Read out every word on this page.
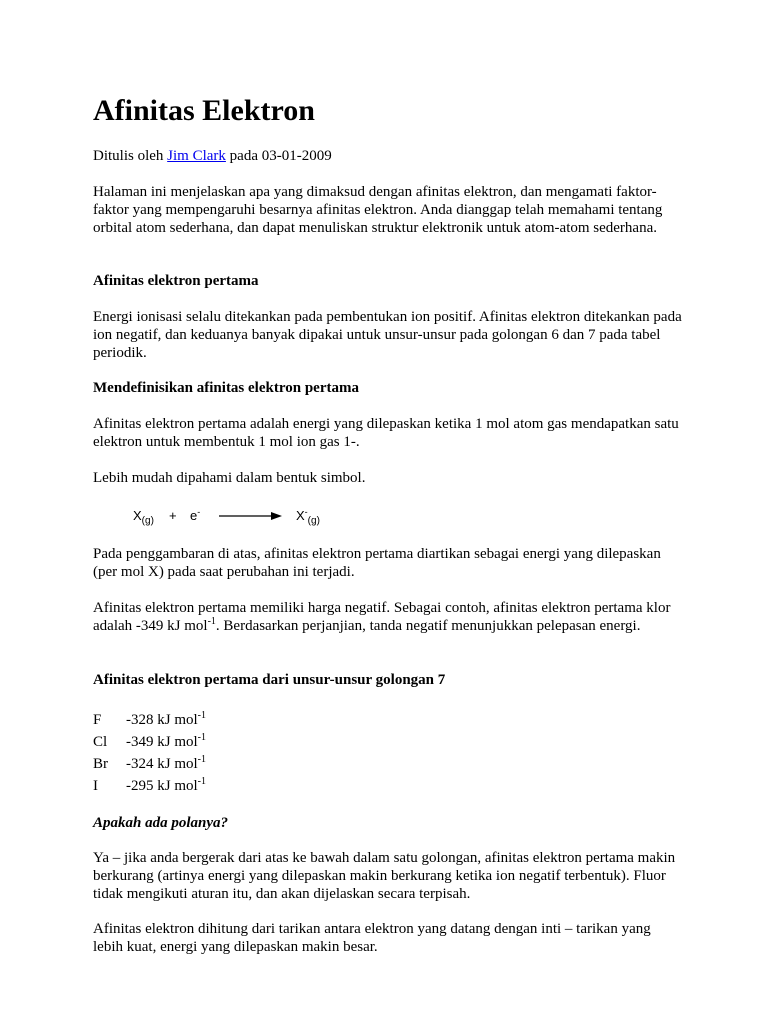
Afinitas Elektron
Ditulis oleh Jim Clark pada 03-01-2009
Halaman ini menjelaskan apa yang dimaksud dengan afinitas elektron, dan mengamati faktor-faktor yang mempengaruhi besarnya afinitas elektron. Anda dianggap telah memahami tentang orbital atom sederhana, dan dapat menuliskan struktur elektronik untuk atom-atom sederhana.
Afinitas elektron pertama
Energi ionisasi selalu ditekankan pada pembentukan ion positif. Afinitas elektron ditekankan pada ion negatif, dan keduanya banyak dipakai untuk unsur-unsur pada golongan 6 dan 7 pada tabel periodik.
Mendefinisikan afinitas elektron pertama
Afinitas elektron pertama adalah energi yang dilepaskan ketika 1 mol atom gas mendapatkan satu elektron untuk membentuk 1 mol ion gas 1-.
Lebih mudah dipahami dalam bentuk simbol.
$X_{(g)} + e^-$	$X^-_{(g)}$
Pada penggambaran di atas, afinitas elektron pertama diartikan sebagai energi yang dilepaskan (per mol X) pada saat perubahan ini terjadi.
Afinitas elektron pertama memiliki harga negatif. Sebagai contoh, afinitas elektron pertama klor adalah -349 kJ mol$^{-1}$. Berdasarkan perjanjian, tanda negatif menunjukkan pelepasan energi.
Afinitas elektron pertama dari unsur-unsur golongan 7
F -328 kJ mol$^{-1}$
Cl -349 kJ mol$^{-1}$
Br -324 kJ mol$^{-1}$
I -295 kJ mol$^{-1}$
Apakah ada polanya?
Ya – jika anda bergerak dari atas ke bawah dalam satu golongan, afinitas elektron pertama makin berkurang (artinya energi yang dilepaskan makin berkurang ketika ion negatif terbentuk). Fluor tidak mengikuti aturan itu, dan akan dijelaskan secara terpisah.
Afinitas elektron dihitung dari tarikan antara elektron yang datang dengan inti – tarikan yang lebih kuat, energi yang dilepaskan makin besar.
